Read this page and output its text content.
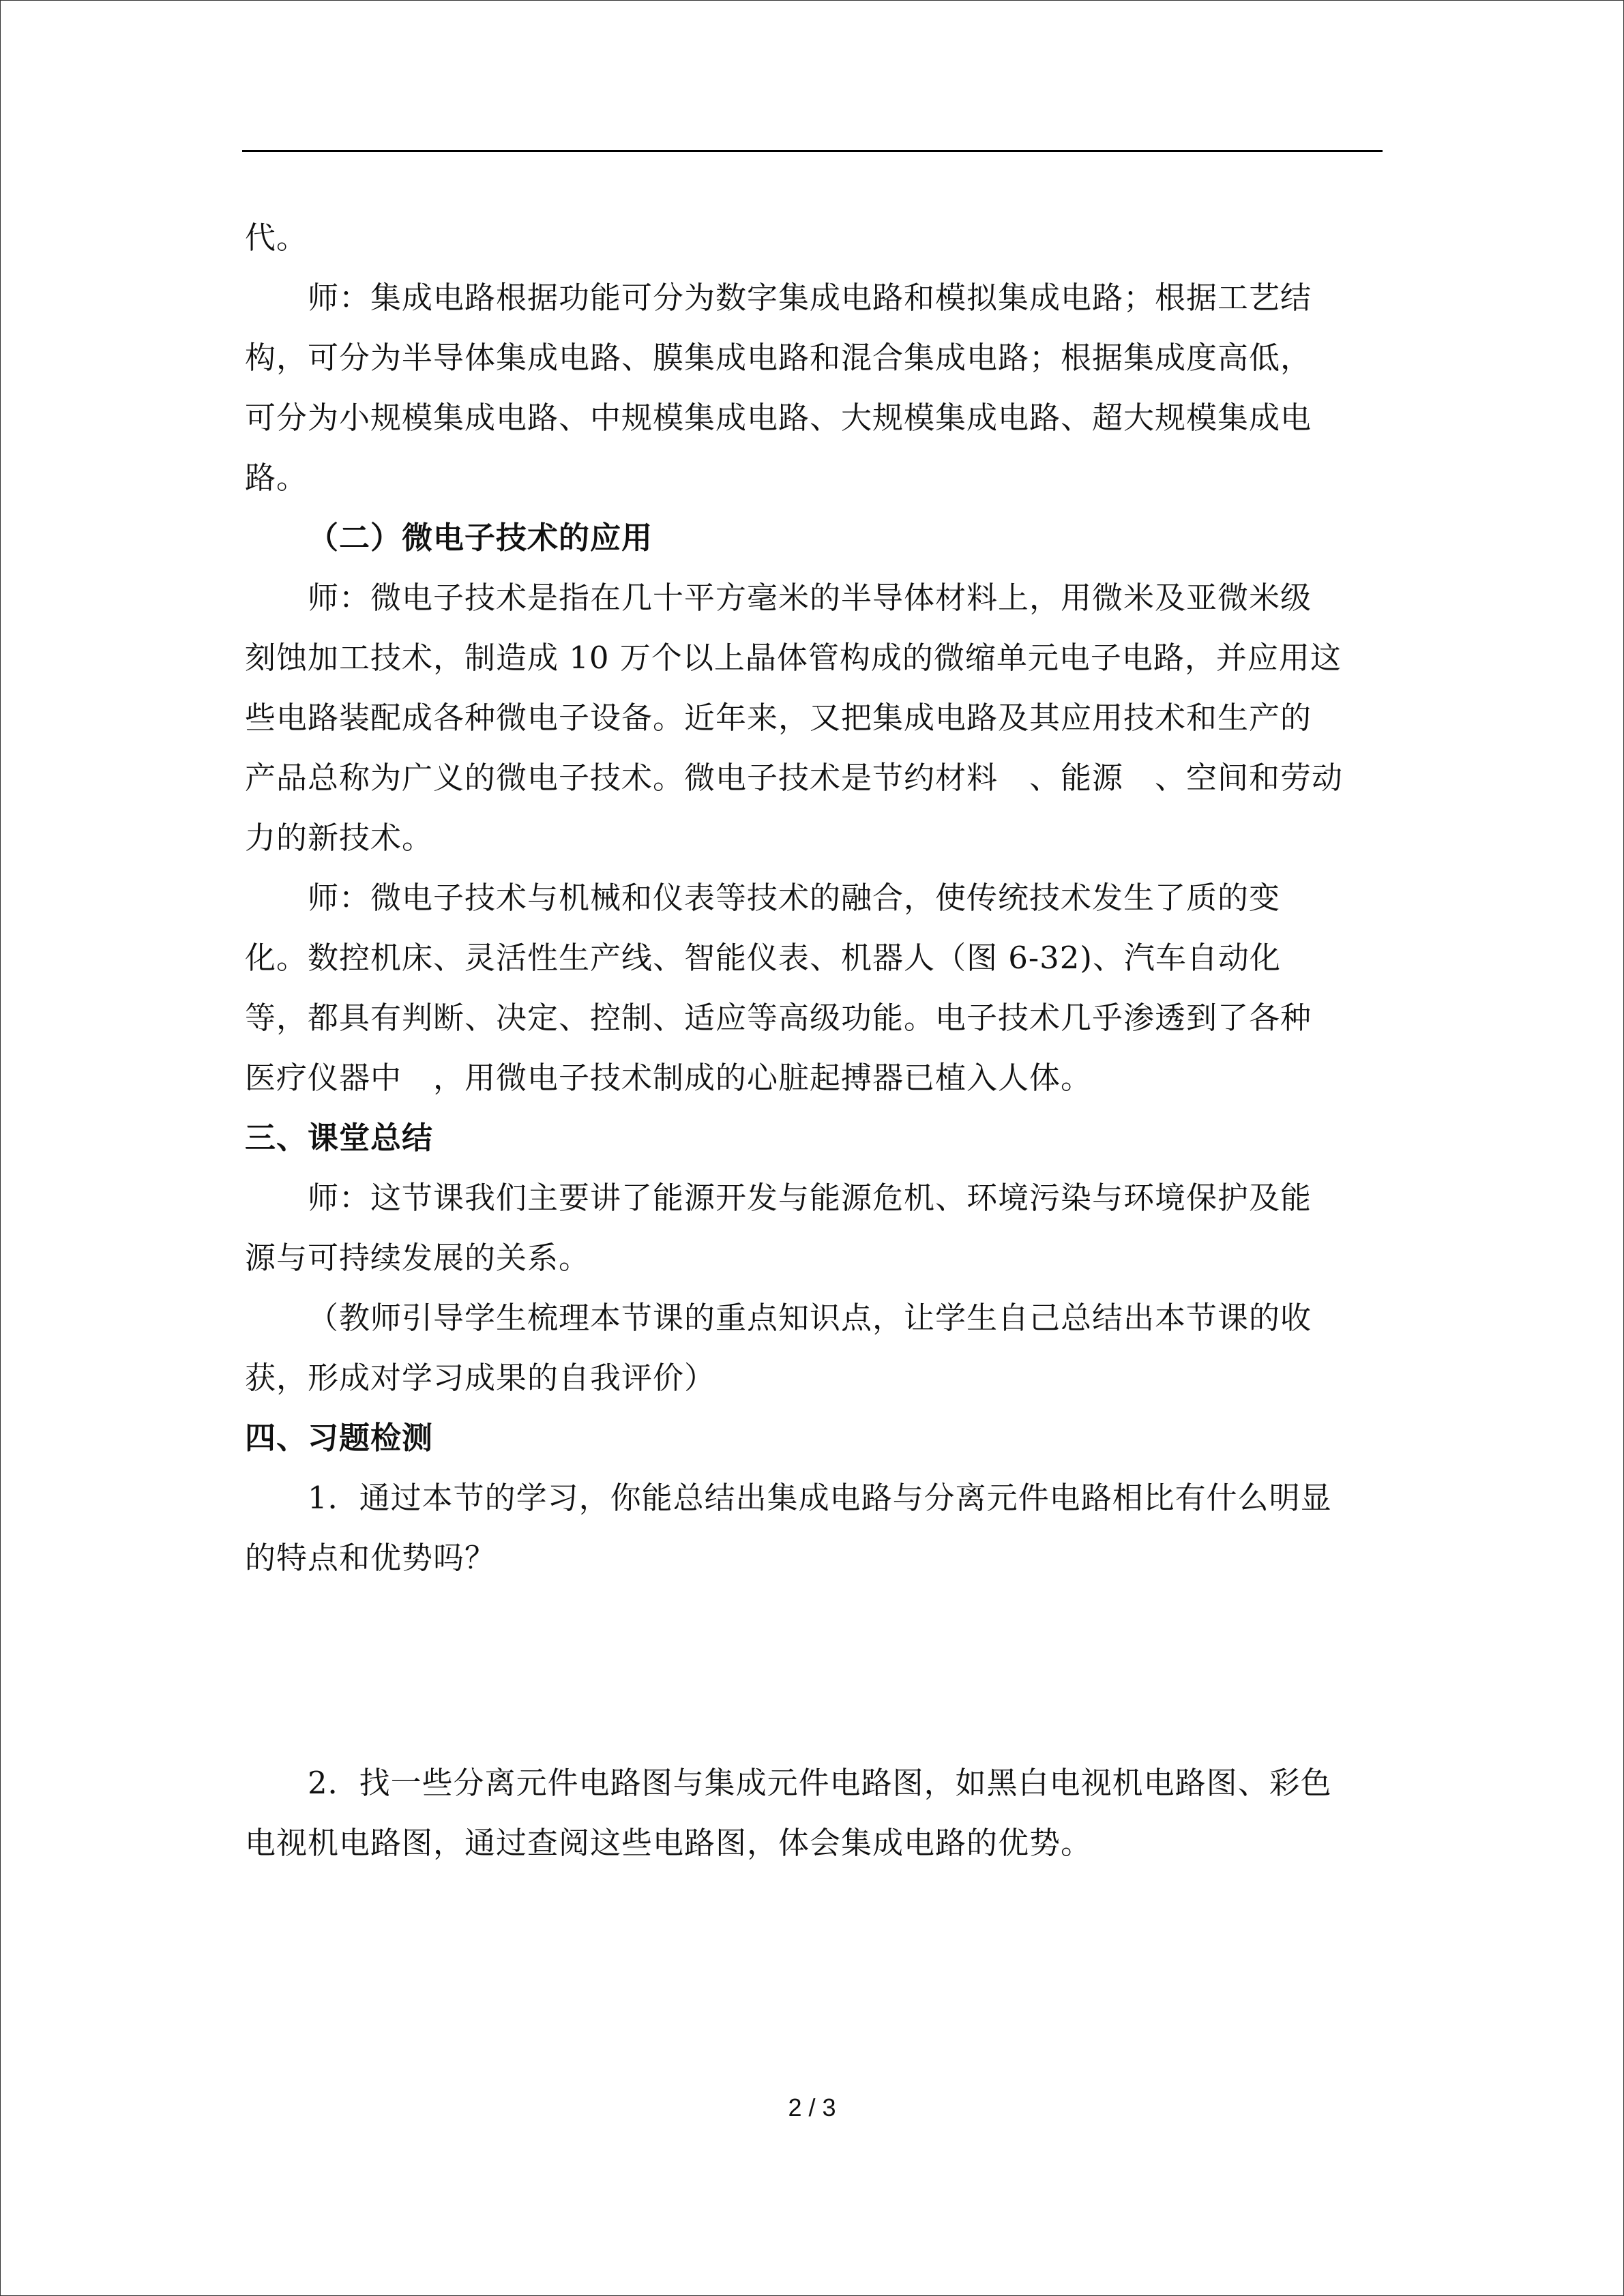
代。
师：集成电路根据功能可分为数字集成电路和模拟集成电路；根据工艺结
构，可分为半导体集成电路、膜集成电路和混合集成电路；根据集成度高低，
可分为小规模集成电路、中规模集成电路、大规模集成电路、超大规模集成电
路。
（二）微电子技术的应用
师：微电子技术是指在几十平方毫米的半导体材料上，用微米及亚微米级
刻蚀加工技术，制造成 10 万个以上晶体管构成的微缩单元电子电路，并应用这
些电路装配成各种微电子设备。近年来，又把集成电路及其应用技术和生产的
产品总称为广义的微电子技术。微电子技术是节约材料　、能源　、空间和劳动
力的新技术。
师：微电子技术与机械和仪表等技术的融合，使传统技术发生了质的变
化。数控机床、灵活性生产线、智能仪表、机器人（图 6-32)、汽车自动化
等，都具有判断、决定、控制、适应等高级功能。电子技术几乎渗透到了各种
医疗仪器中　，用微电子技术制成的心脏起搏器已植入人体。
三、课堂总结
师：这节课我们主要讲了能源开发与能源危机、环境污染与环境保护及能
源与可持续发展的关系。
（教师引导学生梳理本节课的重点知识点，让学生自己总结出本节课的收
获，形成对学习成果的自我评价）
四、习题检测
1．通过本节的学习，你能总结出集成电路与分离元件电路相比有什么明显
的特点和优势吗？
2．找一些分离元件电路图与集成元件电路图，如黑白电视机电路图、彩色
电视机电路图，通过查阅这些电路图，体会集成电路的优势。
2 / 3
